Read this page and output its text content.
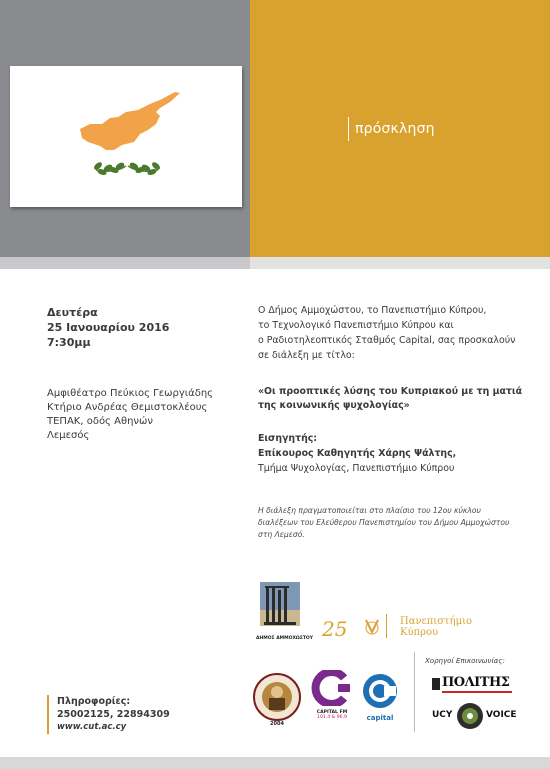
πρόσκληση
Δευτέρα
25 Ιανουαρίου 2016
7:30μμ
Αμφιθέατρο Πεύκιος Γεωργιάδης
Κτήριο Ανδρέας Θεμιστοκλέους
ΤΕΠΑΚ, οδός Αθηνών
Λεμεσός
Ο Δήμος Αμμοχώστου, το Πανεπιστήμιο Κύπρου,
το Τεχνολογικό Πανεπιστήμιο Κύπρου και
ο Ραδιοτηλεοπτικός Σταθμός Capital, σας προσκαλούν
σε διάλεξη με τίτλο:
«Οι προοπτικές λύσης του Κυπριακού με τη ματιά
της κοινωνικής ψυχολογίας»
Εισηγητής:
Επίκουρος Καθηγητής Χάρης Ψάλτης,
Τμήμα Ψυχολογίας, Πανεπιστήμιο Κύπρου
Η διάλεξη πραγματοποιείται στο πλαίσιο του 12ου κύκλου
διαλέξεων του Ελεύθερου Πανεπιστημίου του Δήμου Αμμοχώστου
στη Λεμεσό.
ΔΗΜΟΣ ΑΜΜΟΧΩΣΤΟΥ 25	Πανεπιστήμιο
Κύπρου
2004
CAPITAL FM
101.4 & 96.9	capital
Χορηγοί Επικοινωνίας:
ΠΟΛΙΤΗΣ
UCY	VOICE
Πληροφορίες:
25002125, 22894309
www.cut.ac.cy
